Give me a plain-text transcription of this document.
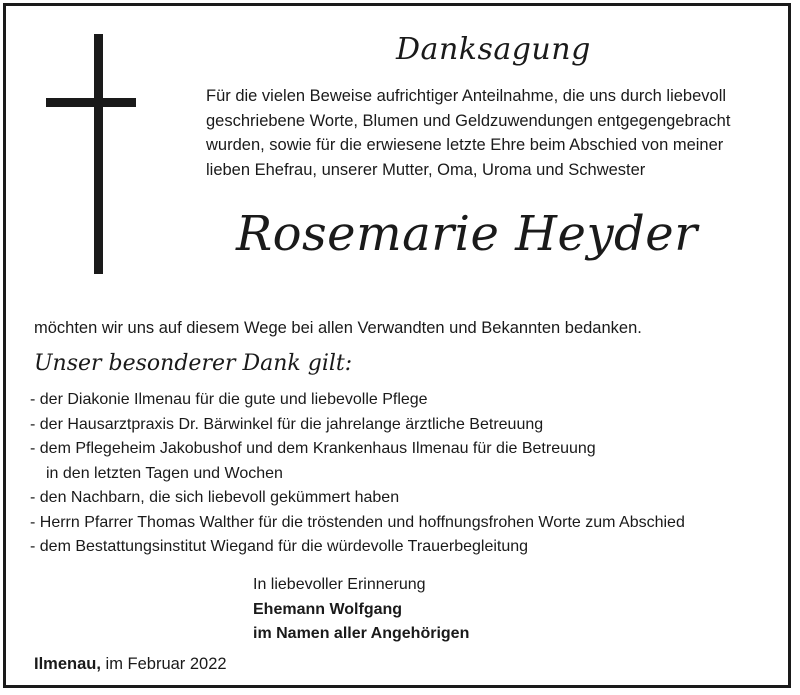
Danksagung
Für die vielen Beweise aufrichtiger Anteilnahme, die uns durch liebevoll
geschriebene Worte, Blumen und Geldzuwendungen entgegengebracht
wurden, sowie für die erwiesene letzte Ehre beim Abschied von meiner
lieben Ehefrau, unserer Mutter, Oma, Uroma und Schwester
Rosemarie Heyder
möchten wir uns auf diesem Wege bei allen Verwandten und Bekannten bedanken.
Unser besonderer Dank gilt:
- der Diakonie Ilmenau für die gute und liebevolle Pflege
- der Hausarztpraxis Dr. Bärwinkel für die jahrelange ärztliche Betreuung
- dem Pflegeheim Jakobushof und dem Krankenhaus Ilmenau für die Betreuung
in den letzten Tagen und Wochen
- den Nachbarn, die sich liebevoll gekümmert haben
- Herrn Pfarrer Thomas Walther für die tröstenden und hoffnungsfrohen Worte zum Abschied
- dem Bestattungsinstitut Wiegand für die würdevolle Trauerbegleitung
In liebevoller Erinnerung
Ehemann Wolfgang
im Namen aller Angehörigen
Ilmenau, im Februar 2022
